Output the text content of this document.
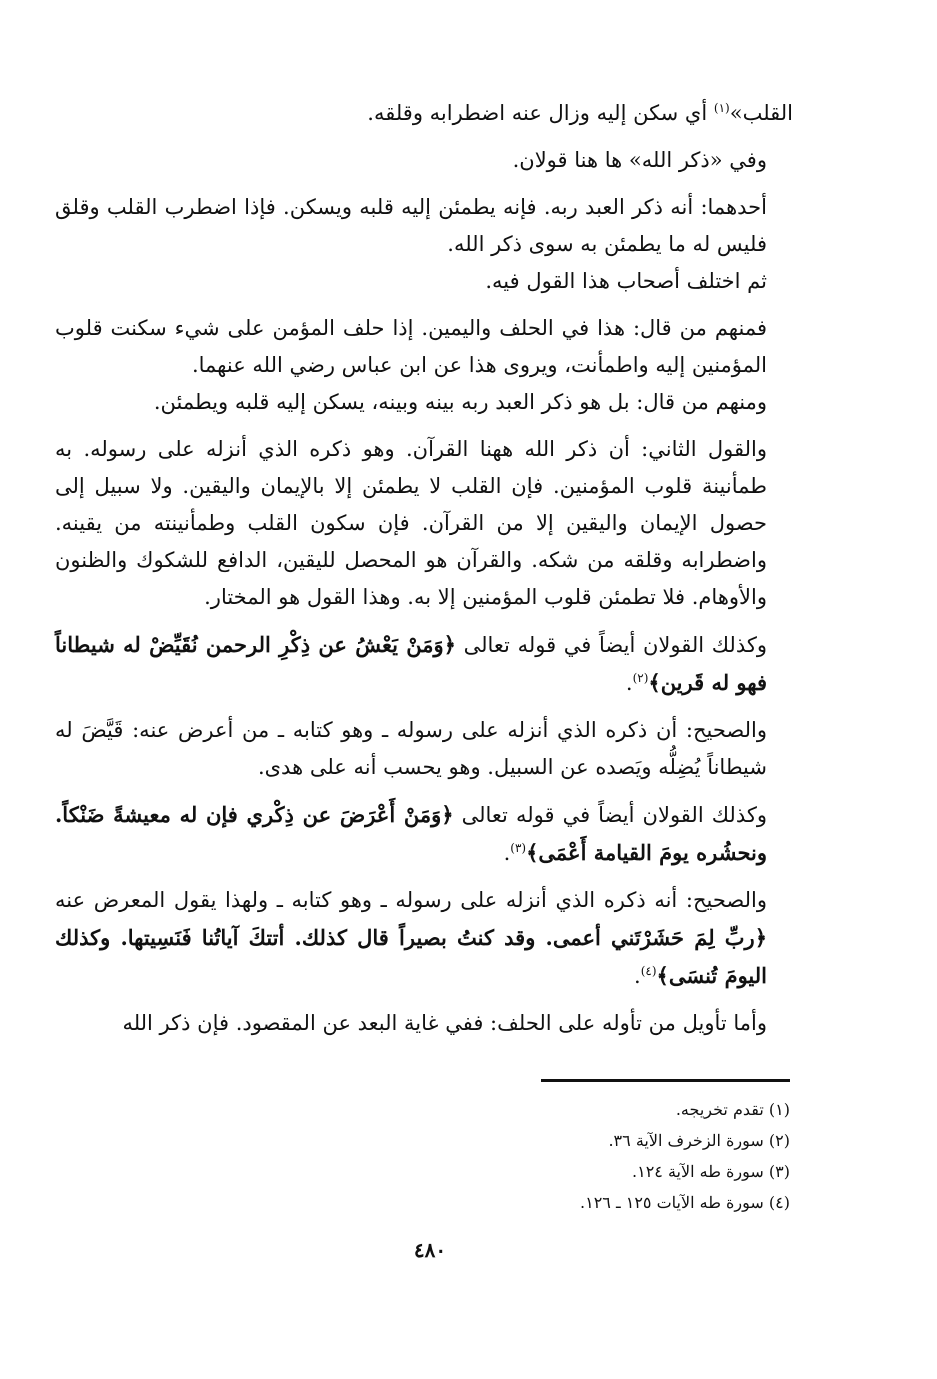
القلب»$^{(١)}$ أي سكن إليه وزال عنه اضطرابه وقلقه.

وفي «ذكر الله» ها هنا قولان.

أحدهما: أنه ذكر العبد ربه. فإنه يطمئن إليه قلبه ويسكن. فإذا اضطرب القلب وقلق فليس له ما يطمئن به سوى ذكر الله.

ثم اختلف أصحاب هذا القول فيه.

فمنهم من قال: هذا في الحلف واليمين. إذا حلف المؤمن على شيء سكنت قلوب المؤمنين إليه واطمأنت، ويروى هذا عن ابن عباس رضي الله عنهما.

ومنهم من قال: بل هو ذكر العبد ربه بينه وبينه، يسكن إليه قلبه ويطمئن.

والقول الثاني: أن ذكر الله ههنا القرآن. وهو ذكره الذي أنزله على رسوله. به طمأنينة قلوب المؤمنين. فإن القلب لا يطمئن إلا بالإيمان واليقين. ولا سبيل إلى حصول الإيمان واليقين إلا من القرآن. فإن سكون القلب وطمأنينته من يقينه. واضطرابه وقلقه من شكه. والقرآن هو المحصل لليقين، الدافع للشكوك والظنون والأوهام. فلا تطمئن قلوب المؤمنين إلا به. وهذا القول هو المختار.

وكذلك القولان أيضاً في قوله تعالى ﴿وَمَنْ يَعْشُ عن ذِكْرِ الرحمن نُقَيِّضْ له شيطاناً فهو له قَرين﴾$^{(٢)}$.

والصحيح: أن ذكره الذي أنزله على رسوله ـ وهو كتابه ـ من أعرض عنه: قَيَّضَ له شيطاناً يُضِلُّه ويَصده عن السبيل. وهو يحسب أنه على هدى.

وكذلك القولان أيضاً في قوله تعالى ﴿وَمَنْ أَعْرَضَ عن ذِكْري فإن له معيشةً ضَنْكاً. ونحشُره يومَ القيامة أَعْمَى﴾$^{(٣)}$.

والصحيح: أنه ذكره الذي أنزله على رسوله ـ وهو كتابه ـ ولهذا يقول المعرض عنه ﴿ربِّ لِمَ حَشَرْتَني أعمى. وقد كنتُ بصيراً قال كذلك. أتتكَ آياتُنا فَنَسِيتها. وكذلك اليومَ تُنسَى﴾$^{(٤)}$.

وأما تأويل من تأوله على الحلف: ففي غاية البعد عن المقصود. فإن ذكر الله

(١) تقدم تخريجه.
(٢) سورة الزخرف الآية ٣٦.
(٣) سورة طه الآية ١٢٤.
(٤) سورة طه الآيات ١٢٥ ـ ١٢٦.
٤٨٠
